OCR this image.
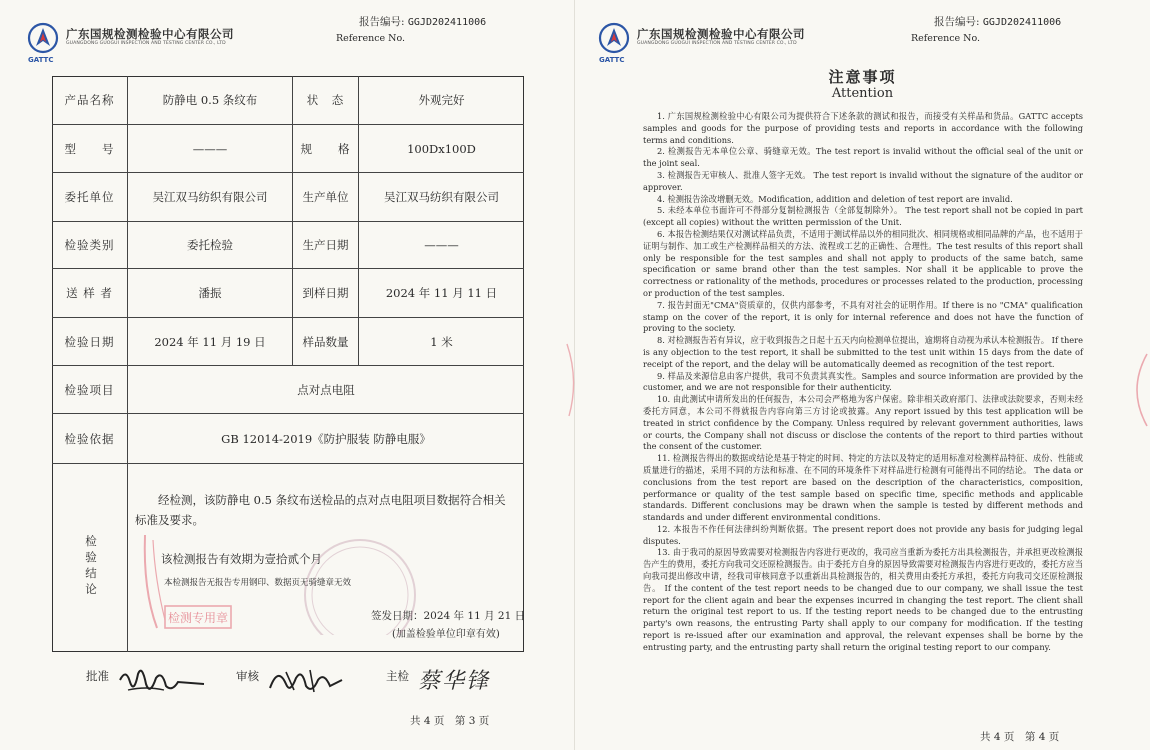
广东国规检测检验中心有限公司
GUANGDONG GUOGUI INSPECTION AND TESTING CENTER CO., LTD
GATTC
报告编号: GGJD202411006
Reference No.
产品名称	防静电 0.5 条纹布	状　态	外观完好
型　　号	———	规　　格	100Dx100D
委托单位	吴江双马纺织有限公司	生产单位	吴江双马纺织有限公司
检验类别	委托检验	生产日期	———
送 样 者	潘振	到样日期	2024 年 11 月 11 日
检验日期	2024 年 11 月 19 日	样品数量	1 米
检验项目	点对点电阻
检验依据	GB 12014-2019《防护服装 防静电服》
检
验
结
论
经检测，该防静电 0.5 条纹布送检品的点对点电阻项目数据符合相关标准及要求。
该检测报告有效期为壹拾贰个月
本检测报告无报告专用钢印、数据页无骑缝章无效
签发日期：2024 年 11 月 21 日
(加盖检验单位印章有效)
检测专用章
批准	审核	主检 蔡华锋
共 4 页　第 3 页
广东国规检测检验中心有限公司
GUANGDONG GUOGUI INSPECTION AND TESTING CENTER CO., LTD
GATTC
报告编号: GGJD202411006
Reference No.
注意事项
Attention

1. 广东国规检测检验中心有限公司为提供符合下述条款的测试和报告，而接受有关样品和货品。GATTC accepts samples and goods for the purpose of providing tests and reports in accordance with the following terms and conditions.

2. 检测报告无本单位公章、骑缝章无效。The test report is invalid without the official seal of the unit or the joint seal.

3. 检测报告无审核人、批准人签字无效。 The test report is invalid without the signature of the auditor or approver.

4. 检测报告涂改增删无效。Modification, addition and deletion of test report are invalid.

5. 未经本单位书面许可不得部分复制检测报告（全部复制除外）。 The test report shall not be copied in part (except all copies) without the written permission of the Unit.

6. 本报告检测结果仅对测试样品负责，不适用于测试样品以外的相同批次、相同规格或相同品牌的产品，也不适用于证明与制作、加工或生产检测样品相关的方法、流程或工艺的正确性、合理性。The test results of this report shall only be responsible for the test samples and shall not apply to products of the same batch, same specification or same brand other than the test samples. Nor shall it be applicable to prove the correctness or rationality of the methods, procedures or processes related to the production, processing or production of the test samples.

7. 报告封面无"CMA"资质章的，仅供内部参考，不具有对社会的证明作用。If there is no "CMA" qualification stamp on the cover of the report, it is only for internal reference and does not have the function of proving to the society.

8. 对检测报告若有异议，应于收到报告之日起十五天内向检测单位提出，逾期将自动视为承认本检测报告。 If there is any objection to the test report, it shall be submitted to the test unit within 15 days from the date of receipt of the report, and the delay will be automatically deemed as recognition of the test report.

9. 样品及来源信息由客户提供，我司不负责其真实性。Samples and source information are provided by the customer, and we are not responsible for their authenticity.

10. 由此测试申请所发出的任何报告，本公司会严格地为客户保密。除非相关政府部门、法律或法院要求，否则未经委托方同意，本公司不得就报告内容向第三方讨论或披露。Any report issued by this test application will be treated in strict confidence by the Company. Unless required by relevant government authorities, laws or courts, the Company shall not discuss or disclose the contents of the report to third parties without the consent of the customer.

11. 检测报告得出的数据或结论是基于特定的时间、特定的方法以及特定的适用标准对检测样品特征、成份、性能或质量进行的描述，采用不同的方法和标准、在不同的环境条件下对样品进行检测有可能得出不同的结论。 The data or conclusions from the test report are based on the description of the characteristics, composition, performance or quality of the test sample based on specific time, specific methods and applicable standards. Different conclusions may be drawn when the sample is tested by different methods and standards and under different environmental conditions.

12. 本报告不作任何法律纠纷判断依据。The present report does not provide any basis for judging legal disputes.

13. 由于我司的原因导致需要对检测报告内容进行更改的，我司应当重新为委托方出具检测报告，并承担更改检测报告产生的费用，委托方向我司交还原检测报告。由于委托方自身的原因导致需要对检测报告内容进行更改的，委托方应当向我司提出修改申请，经我司审核同意予以重新出具检测报告的，相关费用由委托方承担，委托方向我司交还原检测报告。 If the content of the test report needs to be changed due to our company, we shall issue the test report for the client again and bear the expenses incurred in changing the test report. The client shall return the original test report to us. If the testing report needs to be changed due to the entrusting party's own reasons, the entrusting Party shall apply to our company for modification. If the testing report is re-issued after our examination and approval, the relevant expenses shall be borne by the entrusting party, and the entrusting party shall return the original testing report to our company.

共 4 页　第 4 页
